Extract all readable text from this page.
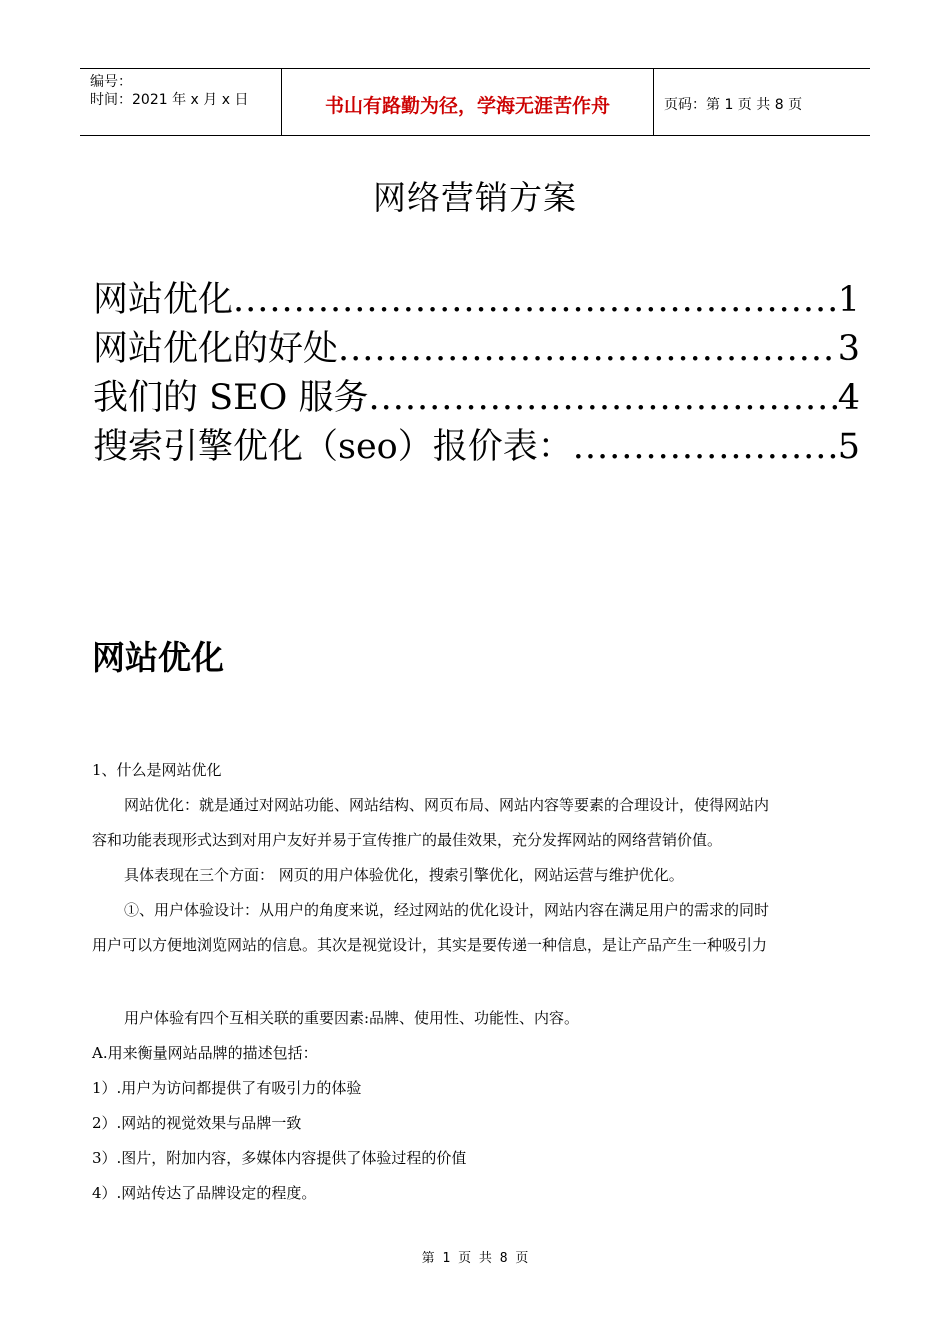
编号：
时间：2021 年 x 月 x 日	书山有路勤为径，学海无涯苦作舟	页码：第 1 页 共 8 页
网络营销方案
网站优化 .....	1
网站优化的好处 .....	3
我们的 SEO 服务 .....	4
搜索引擎优化（seo）报价表： .....	5
网站优化

1、什么是网站优化

网站优化：就是通过对网站功能、网站结构、网页布局、网站内容等要素的合理设计，使得网站内

容和功能表现形式达到对用户友好并易于宣传推广的最佳效果，充分发挥网站的网络营销价值。

具体表现在三个方面： 网页的用户体验优化，搜索引擎优化，网站运营与维护优化。

①、用户体验设计：从用户的角度来说，经过网站的优化设计，网站内容在满足用户的需求的同时

用户可以方便地浏览网站的信息。其次是视觉设计，其实是要传递一种信息，是让产品产生一种吸引力

用户体验有四个互相关联的重要因素:品牌、使用性、功能性、内容。

A.用来衡量网站品牌的描述包括：

1）.用户为访问都提供了有吸引力的体验

2）.网站的视觉效果与品牌一致

3）.图片，附加内容，多媒体内容提供了体验过程的价值

4）.网站传达了品牌设定的程度。

第 1 页 共 8 页
